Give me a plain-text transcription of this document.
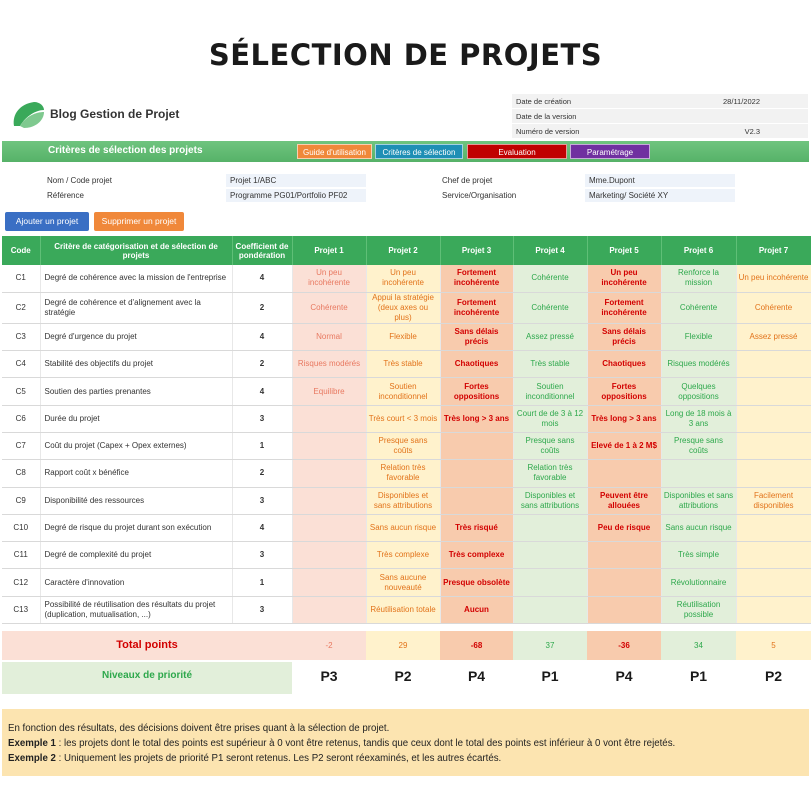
SÉLECTION DE PROJETS
Blog Gestion de Projet
Date de création	28/11/2022
Date de la version
Numéro de version	V2.3
Critères de sélection des projets	Guide d'utilisation	Critères de sélection	Evaluation	Paramétrage
Nom / Code projet	Projet 1/ABC
Référence	Programme PG01/Portfolio PF02
Chef de projet	Mme.Dupont
Service/Organisation	Marketing/ Société XY
Ajouter un projet	Supprimer un projet
Code	Critère de catégorisation et de sélection de projets	Coefficient de pondération	Projet 1	Projet 2	Projet 3	Projet 4	Projet 5	Projet 6	Projet 7
C1	Degré de cohérence avec la mission de l'entreprise	4	Un peu incohérente	Un peu incohérente	Fortement incohérente	Cohérente	Un peu incohérente	Renforce la mission	Un peu incohérente
C2	Degré de cohérence et d'alignement avec la stratégie	2	Cohérente	Appui la stratégie (deux axes ou plus)	Fortement incohérente	Cohérente	Fortement incohérente	Cohérente	Cohérente
C3	Degré d'urgence du projet	4	Normal	Flexible	Sans délais précis	Assez pressé	Sans délais précis	Flexible	Assez pressé
C4	Stabilité des objectifs du projet	2	Risques modérés	Très stable	Chaotiques	Très stable	Chaotiques	Risques modérés	
C5	Soutien des parties prenantes	4	Equilibre	Soutien inconditionnel	Fortes oppositions	Soutien inconditionnel	Fortes oppositions	Quelques oppositions	
C6	Durée du projet	3		Très court < 3 mois	Très long > 3 ans	Court de de 3 à 12 mois	Très long > 3 ans	Long de 18 mois à 3 ans	
C7	Coût du projet (Capex + Opex externes)	1		Presque sans coûts		Presque sans coûts	Elevé de 1 à 2 M$	Presque sans coûts	
C8	Rapport coût x bénéfice	2		Relation très favorable		Relation très favorable			
C9	Disponibilité des ressources	3		Disponibles et sans attributions		Disponibles et sans attributions	Peuvent être allouées	Disponibles et sans attributions	Facilement disponibles
C10	Degré de risque du projet durant son exécution	4		Sans aucun risque	Très risqué		Peu de risque	Sans aucun risque	
C11	Degré de complexité du projet	3		Très complexe	Très complexe			Très simple	
C12	Caractère d'innovation	1		Sans aucune nouveauté	Presque obsolète			Révolutionnaire	
C13	Possibilité de réutilisation des résultats du projet (duplication, mutualisation, ...)	3		Réutilisation totale	Aucun			Réutilisation possible	
Total points	-2	29	-68	37	-36	34	5
Niveaux de priorité	P3	P2	P4	P1	P4	P1	P2
En fonction des résultats, des décisions doivent être prises quant à la sélection de projet.
Exemple 1 : les projets dont le total des points est supérieur à 0 vont être retenus, tandis que ceux dont le total des points est inférieur à 0 vont être rejetés.
Exemple 2 : Uniquement les projets de priorité P1 seront retenus. Les P2 seront réexaminés, et les autres écartés.
